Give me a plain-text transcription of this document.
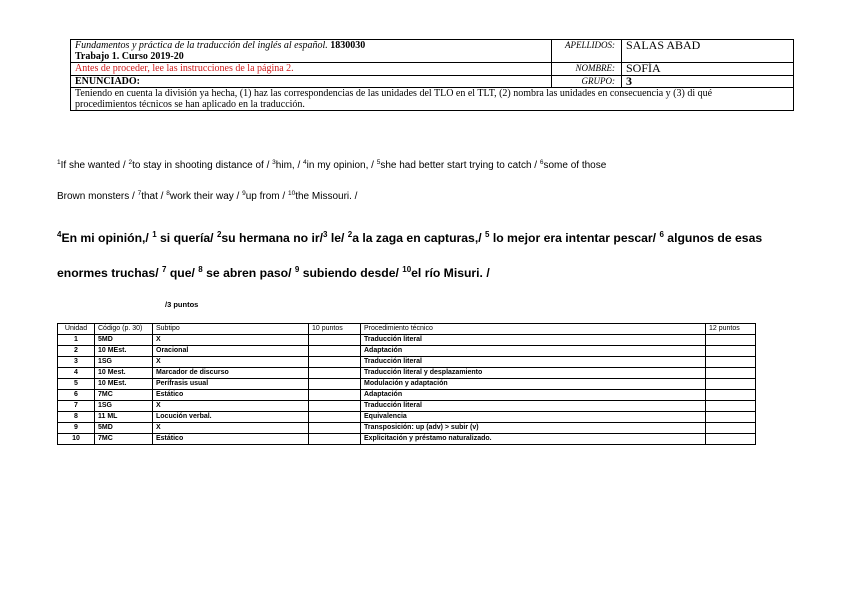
Fundamentos y práctica de la traducción del inglés al español. 1830030
Trabajo 1. Curso 2019-20	APELLIDOS:	SALAS ABAD
Antes de proceder, lee las instrucciones de la página 2.	NOMBRE:	SOFÍA
ENUNCIADO:	GRUPO:	3
Teniendo en cuenta la división ya hecha, (1) haz las correspondencias de las unidades del TLO en el TLT, (2) nombra las unidades en consecuencia y (3) di qué procedimientos técnicos se han aplicado en la traducción.		
$^1$If she wanted / $^2$to stay in shooting distance of / $^3$him, / $^4$in my opinion, / $^5$she had better start trying to catch / $^6$some of those
Brown monsters / $^7$that / $^8$work their way / $^9$up from / $^{10}$the Missouri. /
$^4$En mi opinión,/ $^1$ si quería/ $^2$su hermana no ir/$^3$ le/ $^2$a la zaga en capturas,/ $^5$ lo mejor era intentar pescar/ $^6$ algunos de esas
enormes truchas/ $^7$ que/ $^8$ se abren paso/ $^9$ subiendo desde/ $^{10}$el río Misuri. /
/3 puntos
Unidad	Código (p. 30)	Subtipo	10 puntos	Procedimiento técnico	12 puntos
1	5MD	X		Traducción literal	
2	10 MEst.	Oracional		Adaptación	
3	1SG	X		Traducción literal	
4	10 Mest.	Marcador de discurso		Traducción literal y desplazamiento	
5	10 MEst.	Perífrasis usual		Modulación y adaptación	
6	7MC	Estático		Adaptación	
7	1SG	X		Traducción literal	
8	11 ML	Locución verbal.		Equivalencia	
9	5MD	X		Transposición: up (adv) > subir (v)	
10	7MC	Estático		Explicitación y préstamo naturalizado.	
